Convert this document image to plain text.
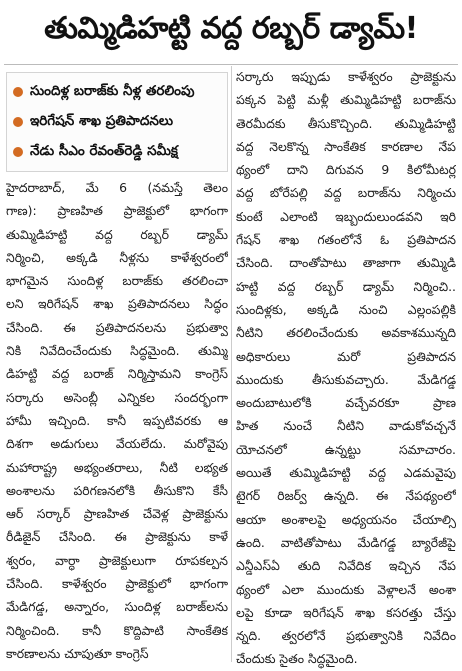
తుమ్మిడిహట్టి వద్ద రబ్బర్ డ్యామ్!
సుందిళ్ల బరాజ్‌కు నీళ్ల తరలింపు
ఇరిగేషన్ శాఖ ప్రతిపాదనలు
నేడు సీఎం రేవంత్‌రెడ్డి సమీక్ష
హైదరాబాద్, మే 6 (నమస్తే తెలం
గాణ): ప్రాణహిత ప్రాజెక్టులో భాగంగా
తుమ్మిడిహట్టి వద్ద రబ్బర్ డ్యామ్
నిర్మించి, అక్కడి నీళ్లను కాళేశ్వరంలో
భాగమైన సుందిళ్ల బరాజ్‌కు తరలించా
లని ఇరిగేషన్ శాఖ ప్రతిపాదనలు సిద్ధం
చేసింది. ఈ ప్రతిపాదనలను ప్రభుత్వా
నికి నివేదించేందుకు సిద్ధమైంది. తుమ్మి
డిహట్టి వద్ద బరాజ్ నిర్మిస్తామని కాంగ్రెస్
సర్కారు అసెంబ్లీ ఎన్నికల సందర్భంగా
హామీ ఇచ్చింది. కానీ ఇప్పటివరకు ఆ
దిశగా అడుగులు వేయలేదు. మరోవైపు
మహారాష్ట్ర అభ్యంతరాలు, నీటి లభ్యత
అంశాలను పరిగణనలోకి తీసుకొని కేసీ
ఆర్ సర్కార్ ప్రాణహిత చేవెళ్ల ప్రాజెక్టును
రీడిజైన్ చేసింది. ఈ ప్రాజెక్టును కాళే
శ్వరం, వార్ధా ప్రాజెక్టులుగా రూపకల్పన
చేసింది. కాళేశ్వరం ప్రాజెక్టులో భాగంగా
మేడిగడ్డ, అన్నారం, సుందిళ్ల బరాజ్‌లను
నిర్మించింది. కానీ కొద్దిపాటి సాంకేతిక
కారణాలను చూపుతూ కాంగ్రెస్
సర్కారు ఇప్పుడు కాళేశ్వరం ప్రాజెక్టును
పక్కన పెట్టి మళ్లీ తుమ్మిడిహట్టి బరాజ్‌ను
తెరమీదకు తీసుకొచ్చింది. తుమ్మిడిహట్టి
వద్ద నెలకొన్న సాంకేతిక కారణాల నేప
థ్యంలో దాని దిగువన 9 కిలోమీటర్ల
వద్ద బోరేపల్లి వద్ద బరాజ్‌ను నిర్మించు
కుంటే ఎలాంటి ఇబ్బందులుండవని ఇరి
గేషన్ శాఖ గతంలోనే ఓ ప్రతిపాదన
చేసింది. దాంతోపాటు తాజాగా తుమ్మిడి
హట్టి వద్ద రబ్బర్ డ్యామ్ నిర్మించి..
సుందిళ్లకు, అక్కడి నుంచి ఎల్లంపల్లికి
నీటిని తరలించేందుకు అవకాశమున్నది
అధికారులు మరో ప్రతిపాదన
ముందుకు తీసుకువచ్చారు. మేడిగడ్డ
అందుబాటులోకి వచ్చేవరకూ ప్రాణ
హిత నుంచే నీటిని వాడుకోవచ్చనే
యోచనలో ఉన్నట్టు సమాచారం.
అయితే తుమ్మిడిహట్టి వద్ద ఎడమవైపు
టైగర్ రిజర్వ్ ఉన్నది. ఈ నేపథ్యంలో
ఆయా అంశాలపై అధ్యయనం చేయాల్సి
ఉంది. వాటితోపాటు మేడిగడ్డ బ్యారేజీపై
ఎన్డీఎస్ఏ తుది నివేదిక ఇచ్చిన నేప
థ్యంలో ఎలా ముందుకు వెళ్లాలనే అంశా
లపై కూడా ఇరిగేషన్ శాఖ కసరత్తు చేస్తు
న్నది. త్వరలోనే ప్రభుత్వానికి నివేదిం
చేందుకు సైతం సిద్ధమైంది.
